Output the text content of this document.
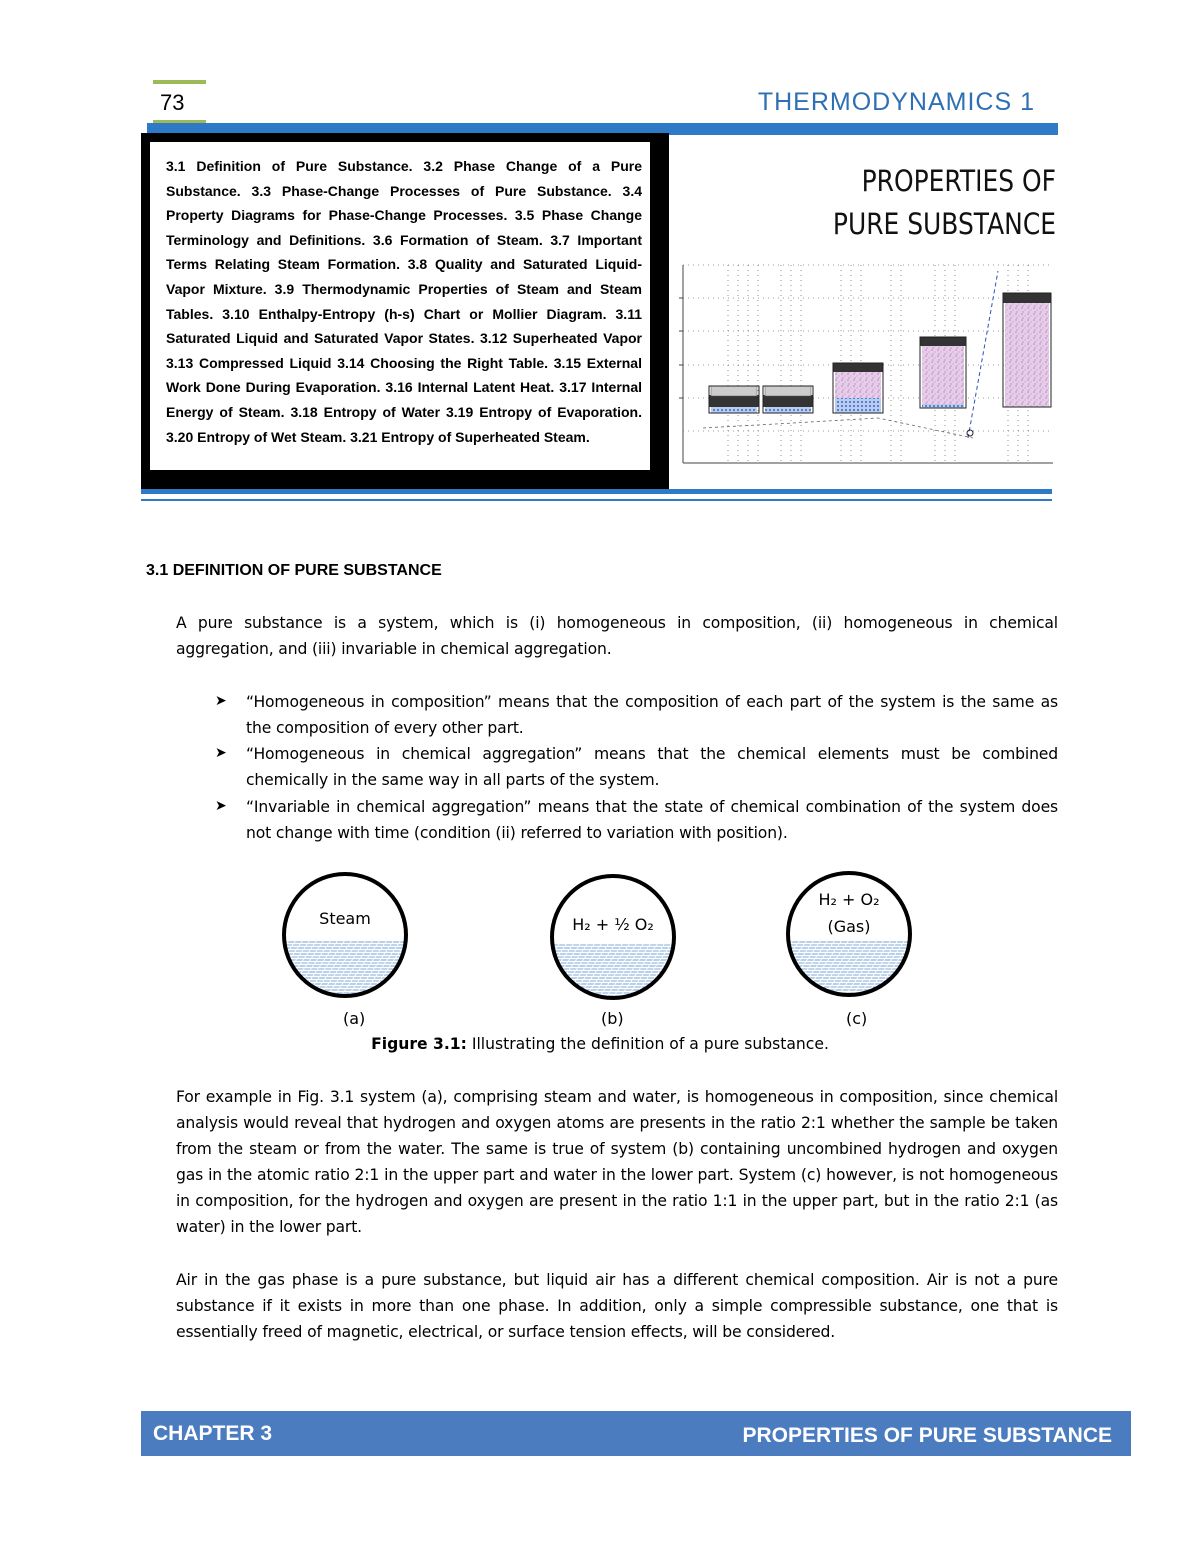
73	THERMODYNAMICS 1
3.1 Definition of Pure Substance. 3.2 Phase Change of a Pure Substance. 3.3 Phase-Change Processes of Pure Substance. 3.4 Property Diagrams for Phase-Change Processes. 3.5 Phase Change Terminology and Definitions. 3.6 Formation of Steam. 3.7 Important Terms Relating Steam Formation. 3.8 Quality and Saturated Liquid-Vapor Mixture. 3.9 Thermodynamic Properties of Steam and Steam Tables. 3.10 Enthalpy-Entropy (h-s) Chart or Mollier Diagram. 3.11 Saturated Liquid and Saturated Vapor States. 3.12 Superheated Vapor 3.13 Compressed Liquid 3.14 Choosing the Right Table. 3.15 External Work Done During Evaporation. 3.16 Internal Latent Heat. 3.17 Internal Energy of Steam. 3.18 Entropy of Water 3.19 Entropy of Evaporation. 3.20 Entropy of Wet Steam. 3.21 Entropy of Superheated Steam.
PROPERTIES OF
PURE SUBSTANCE
3.1 DEFINITION OF PURE SUBSTANCE
A pure substance is a system, which is (i) homogeneous in composition, (ii) homogeneous in chemical aggregation, and (iii) invariable in chemical aggregation.
➤ “Homogeneous in composition” means that the composition of each part of the system is the same as the composition of every other part.
➤ “Homogeneous in chemical aggregation” means that the chemical elements must be combined chemically in the same way in all parts of the system.
➤ “Invariable in chemical aggregation” means that the state of chemical combination of the system does not change with time (condition (ii) referred to variation with position).
Steam	H₂ + ½ O₂
H₂ + O₂
(Gas)
(a)	(b)	(c)
Figure 3.1: Illustrating the definition of a pure substance.
For example in Fig. 3.1 system (a), comprising steam and water, is homogeneous in composition, since chemical analysis would reveal that hydrogen and oxygen atoms are presents in the ratio 2:1 whether the sample be taken from the steam or from the water. The same is true of system (b) containing uncombined hydrogen and oxygen gas in the atomic ratio 2:1 in the upper part and water in the lower part. System (c) however, is not homogeneous in composition, for the hydrogen and oxygen are present in the ratio 1:1 in the upper part, but in the ratio 2:1 (as water) in the lower part.
Air in the gas phase is a pure substance, but liquid air has a different chemical composition. Air is not a pure substance if it exists in more than one phase. In addition, only a simple compressible substance, one that is essentially freed of magnetic, electrical, or surface tension effects, will be considered.
CHAPTER 3	PROPERTIES OF PURE SUBSTANCE
